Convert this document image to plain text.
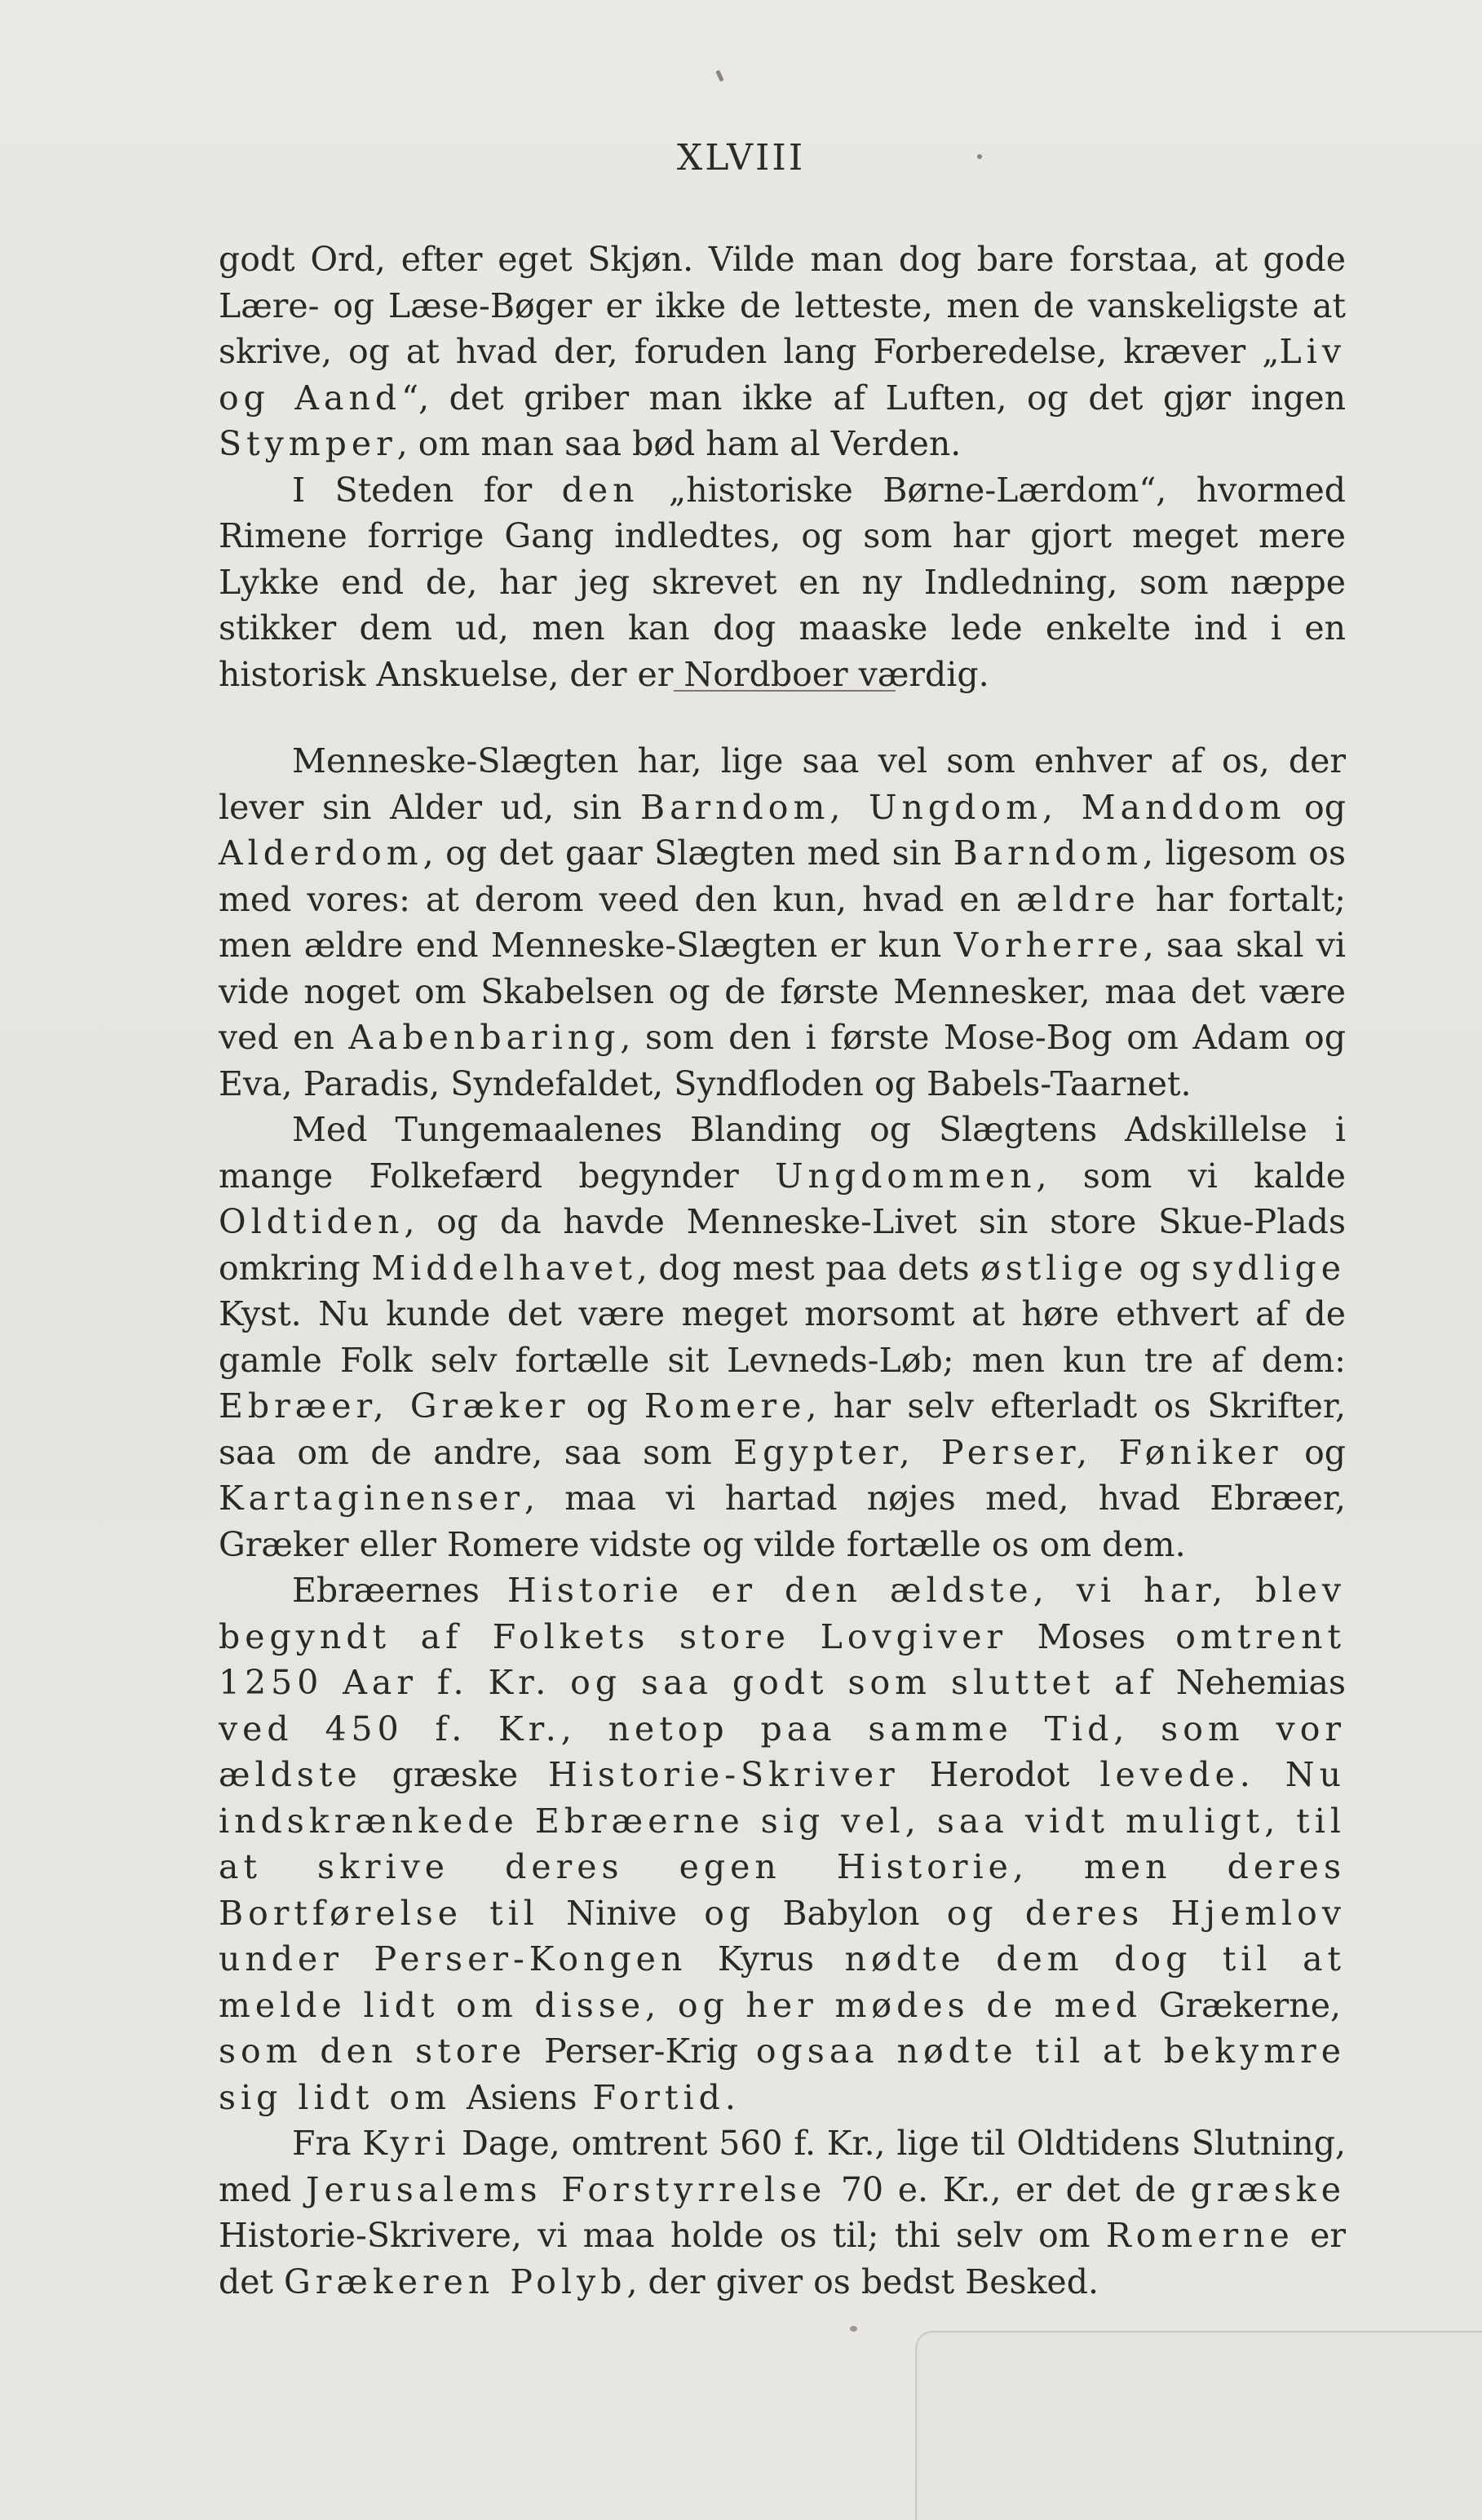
XLVIII

godt Ord, efter eget Skjøn. Vilde man dog bare forstaa, at gode Lære- og Læse-Bøger er ikke de letteste, men de vanskeligste at skrive, og at hvad der, foruden lang Forberedelse, kræver „Liv og Aand“, det griber man ikke af Luften, og det gjør ingen Stymper, om man saa bød ham al Verden.

I Steden for den „historiske Børne-Lærdom“, hvormed Rimene forrige Gang indledtes, og som har gjort meget mere Lykke end de, har jeg skrevet en ny Indledning, som næppe stikker dem ud, men kan dog maaske lede enkelte ind i en historisk Anskuelse, der er Nordboer værdig.

Menneske-Slægten har, lige saa vel som enhver af os, der lever sin Alder ud, sin Barndom, Ungdom, Manddom og Alderdom, og det gaar Slægten med sin Barndom, ligesom os med vores: at derom veed den kun, hvad en ældre har fortalt; men ældre end Menneske-Slægten er kun Vorherre, saa skal vi vide noget om Skabelsen og de første Mennesker, maa det være ved en Aabenbaring, som den i første Mose-Bog om Adam og Eva, Paradis, Syndefaldet, Syndfloden og Babels-Taarnet.

Med Tungemaalenes Blanding og Slægtens Adskillelse i mange Folkefærd begynder Ungdommen, som vi kalde Oldtiden, og da havde Menneske-Livet sin store Skue-Plads omkring Middelhavet, dog mest paa dets østlige og sydlige Kyst. Nu kunde det være meget morsomt at høre ethvert af de gamle Folk selv fortælle sit Levneds-Løb; men kun tre af dem: Ebræer, Græker og Romere, har selv efterladt os Skrifter, saa om de andre, saa som Egypter, Perser, Føniker og Kartaginenser, maa vi hartad nøjes med, hvad Ebræer, Græker eller Romere vidste og vilde fortælle os om dem.

Ebræernes Historie er den ældste, vi har, blev begyndt af Folkets store Lovgiver Moses omtrent 1250 Aar f. Kr. og saa godt som sluttet af Nehemias ved 450 f. Kr., netop paa samme Tid, som vor ældste græske Historie-Skriver Herodot levede. Nu indskrænkede Ebræerne sig vel, saa vidt muligt, til at skrive deres egen Historie, men deres Bortførelse til Ninive og Babylon og deres Hjemlov under Perser-Kongen Kyrus nødte dem dog til at melde lidt om disse, og her mødes de med Grækerne, som den store Perser-Krig ogsaa nødte til at bekymre sig lidt om Asiens Fortid.

Fra Kyri Dage, omtrent 560 f. Kr., lige til Oldtidens Slutning, med Jerusalems Forstyrrelse 70 e. Kr., er det de græske Historie-Skrivere, vi maa holde os til; thi selv om Romerne er det Grækeren Polyb, der giver os bedst Besked.
